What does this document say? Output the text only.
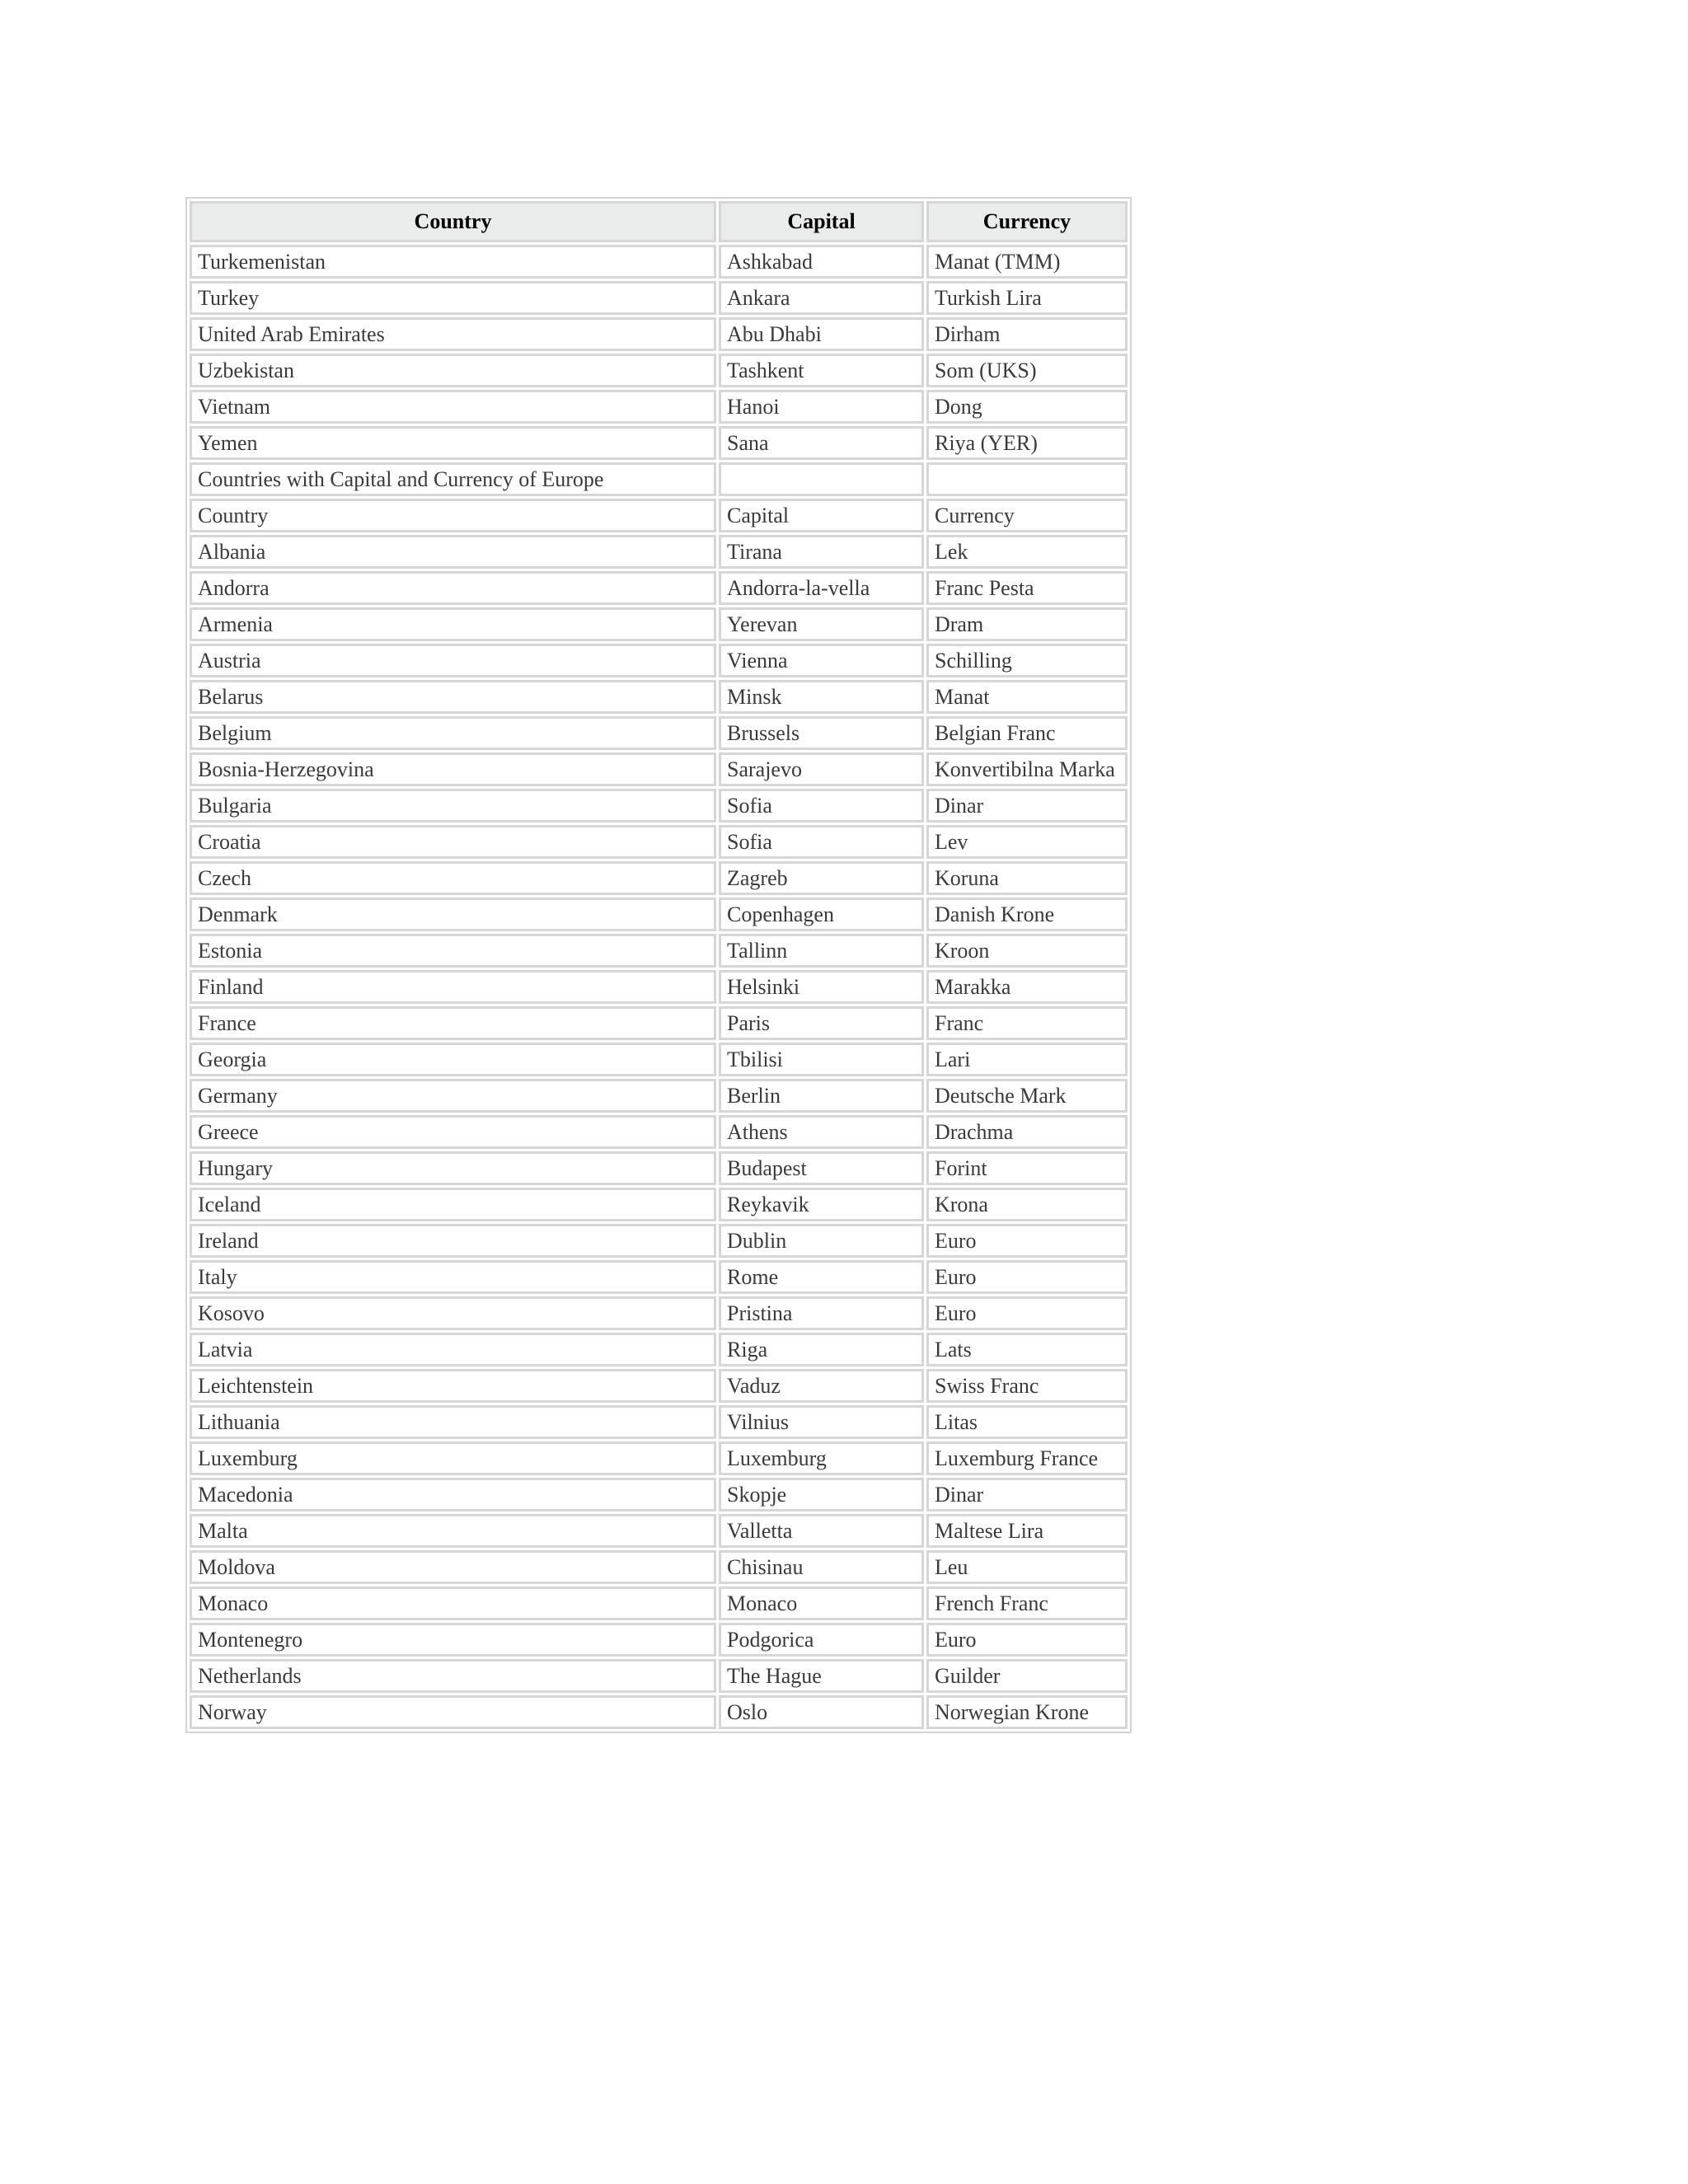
Country	Capital	Currency
Turkemenistan	Ashkabad	Manat (TMM)
Turkey	Ankara	Turkish Lira
United Arab Emirates	Abu Dhabi	Dirham
Uzbekistan	Tashkent	Som (UKS)
Vietnam	Hanoi	Dong
Yemen	Sana	Riya (YER)
Countries with Capital and Currency of Europe		
Country	Capital	Currency
Albania	Tirana	Lek
Andorra	Andorra-la-vella	Franc Pesta
Armenia	Yerevan	Dram
Austria	Vienna	Schilling
Belarus	Minsk	Manat
Belgium	Brussels	Belgian Franc
Bosnia-Herzegovina	Sarajevo	Konvertibilna Marka
Bulgaria	Sofia	Dinar
Croatia	Sofia	Lev
Czech	Zagreb	Koruna
Denmark	Copenhagen	Danish Krone
Estonia	Tallinn	Kroon
Finland	Helsinki	Marakka
France	Paris	Franc
Georgia	Tbilisi	Lari
Germany	Berlin	Deutsche Mark
Greece	Athens	Drachma
Hungary	Budapest	Forint
Iceland	Reykavik	Krona
Ireland	Dublin	Euro
Italy	Rome	Euro
Kosovo	Pristina	Euro
Latvia	Riga	Lats
Leichtenstein	Vaduz	Swiss Franc
Lithuania	Vilnius	Litas
Luxemburg	Luxemburg	Luxemburg France
Macedonia	Skopje	Dinar
Malta	Valletta	Maltese Lira
Moldova	Chisinau	Leu
Monaco	Monaco	French Franc
Montenegro	Podgorica	Euro
Netherlands	The Hague	Guilder
Norway	Oslo	Norwegian Krone
